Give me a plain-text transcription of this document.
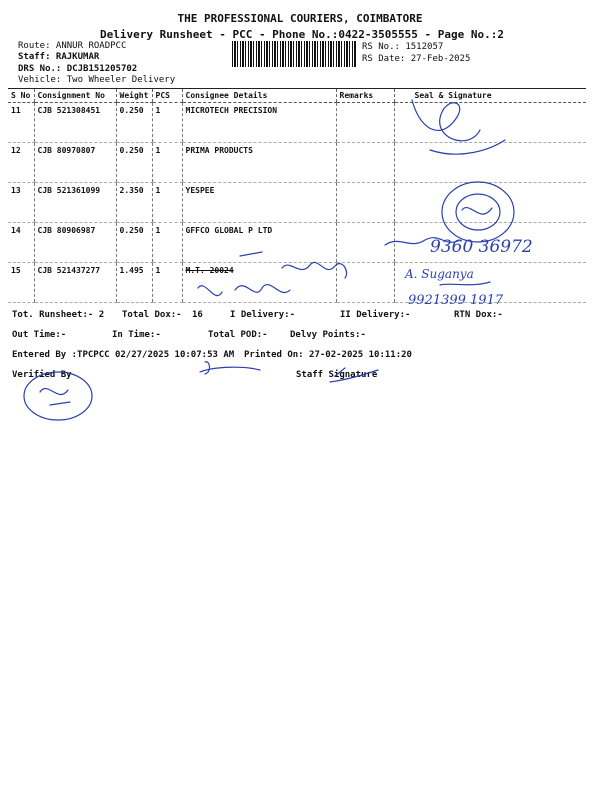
THE PROFESSIONAL COURIERS, COIMBATORE
Delivery Runsheet - PCC - Phone No.:0422-3505555 - Page No.:2
Route: ANNUR ROADPCC
Staff: RAJKUMAR
DRS No.: DCJB151205702
Vehicle: Two Wheeler Delivery
RS No.: 1512057
RS Date: 27-Feb-2025
S No	Consignment No	Weight	PCS	Consignee Details	Remarks	Seal & Signature
11	CJB 521308451	0.250	1	MICROTECH PRECISION		
12	CJB 80970807	0.250	1	PRIMA PRODUCTS		
13	CJB 521361099	2.350	1	YESPEE		
14	CJB 80906987	0.250	1	GFFCO GLOBAL P LTD		
15	CJB 521437277	1.495	1	M.T. 20024		
Tot. Runsheet:- 2 Total Dox:- 16	I Delivery:-	II Delivery:-	RTN Dox:-
Out Time:-	In Time:-	Total POD:- Delvy Points:-
Entered By :TPCPCC 02/27/2025 10:07:53 AM Printed On: 27-02-2025 10:11:20
Verified By	Staff Signature
9360 36972
A. Suganya
9921399 1917
